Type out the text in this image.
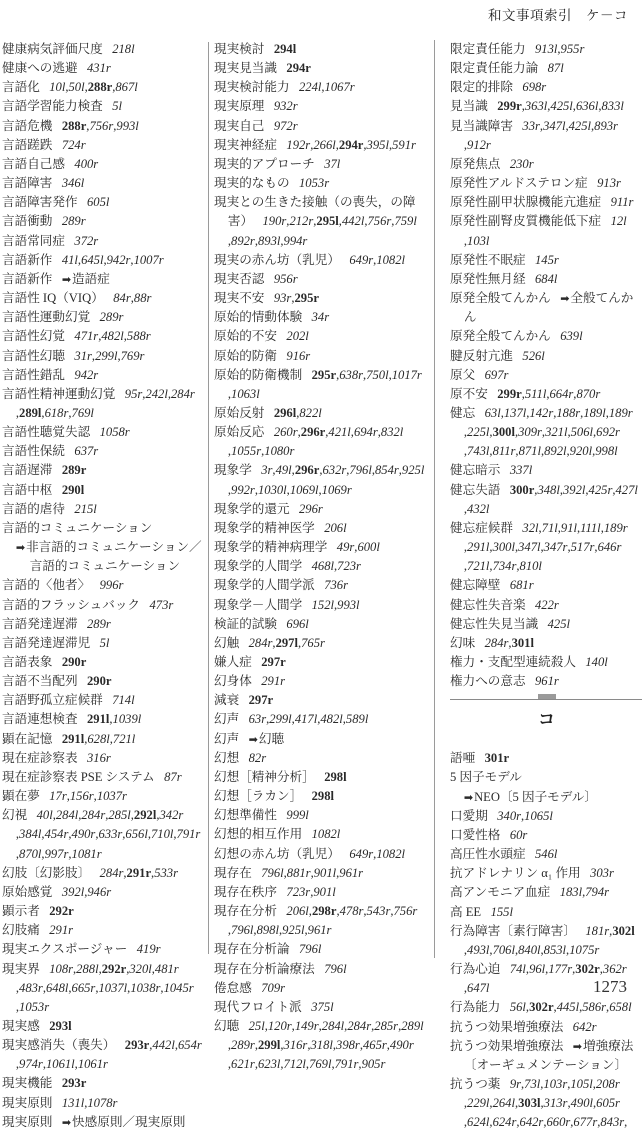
和文事項索引　ケ－コ
健康病気評価尺度 218l
健康への逃避 431r
言語化 10l , 50l , 288r , 867l
言語学習能力検査 5l
言語危機 288r , 756r , 993l
言語蹉跌 724r
言語自己感 400r
言語障害 346l
言語障害発作 605l
言語衝動 289r
言語常同症 372r
言語新作 41l , 645l , 942r , 1007r
言語新作 ➡造語症
言語性 IQ（VIQ） 84r , 88r
言語性運動幻覚 289r
言語性幻覚 471r , 482l , 588r
言語性幻聴 31r , 299l , 769r
言語性錯乱 942r
言語性精神運動幻覚 95r , 242l , 284r, 289l , 618r , 769l
言語性聴覚失認 1058r
言語性保続 637r
言語遅滞 289r
言語中枢 290l
言語的虐待 215l
言語的コミュニケーション
➡非言語的コミュニケーション／言語的コミュニケーション
言語的〈他者〉 996r
言語的フラッシュバック 473r
言語発達遅滞 289r
言語発達遅滞児 5l
言語表象 290r
言語不当配列 290r
言語野孤立症候群 714l
言語連想検査 291l , 1039l
顕在記憶 291l , 628l , 721l
現在症診察表 316r
現在症診察表 PSE システム 87r
顕在夢 17r , 156r , 1037r
幻視 40l , 284l , 284r , 285l , 292l , 342r, 384l , 454r , 490r , 633r , 656l , 710l , 791r, 870l , 997r , 1081r
幻肢〔幻影肢〕 284r , 291r , 533r
原始感覚 392l , 946r
顕示者 292r
幻肢痛 291r
現実エクスポージャー 419r
現実界 108r , 288l , 292r , 320l , 481r, 483r , 648l , 665r , 1037l , 1038r , 1045r, 1053r
現実感 293l
現実感消失（喪失） 293r , 442l , 654r, 974r , 1061l , 1061r
現実機能 293r
現実原則 131l , 1078r
現実原則 ➡快感原則／現実原則
現実検討 294l
現実見当識 294r
現実検討能力 224l , 1067r
現実原理 932r
現実自己 972r
現実神経症 192r , 266l , 294r , 395l , 591r
現実的アプローチ 37l
現実的なもの 1053r
現実との生きた接触（の喪失，の障害） 190r , 212r , 295l , 442l , 756r , 759l, 892r , 893l , 994r
現実の赤ん坊（乳児） 649r , 1082l
現実否認 956r
現実不安 93r , 295r
原始的情動体験 34r
原始的不安 202l
原始的防衛 916r
原始的防衛機制 295r , 638r , 750l , 1017r, 1063l
原始反射 296l , 822l
原始反応 260r , 296r , 421l , 694r , 832l, 1055r , 1080r
現象学 3r , 49l , 296r , 632r , 796l , 854r , 925l, 992r , 1030l , 1069l , 1069r
現象学的還元 296r
現象学的精神医学 206l
現象学的精神病理学 49r , 600l
現象学的人間学 468l , 723r
現象学的人間学派 736r
現象学－人間学 152l , 993l
検証的試験 696l
幻触 284r , 297l , 765r
嫌人症 297r
幻身体 291r
減衰 297r
幻声 63r , 299l , 417l , 482l , 589l
幻声 ➡幻聴
幻想 82r
幻想［精神分析］ 298l
幻想［ラカン］ 298l
幻想準備性 999l
幻想的相互作用 1082l
幻想の赤ん坊（乳児） 649r , 1082l
現存在 796l , 881r , 901l , 961r
現存在秩序 723r , 901l
現存在分析 206l , 298r , 478r , 543r , 756r, 796l , 898l , 925l , 961r
現存在分析論 796l
現存在分析論療法 796l
倦怠感 709r
現代フロイト派 375l
幻聴 25l , 120r , 149r , 284l , 284r , 285r , 289l, 289r , 299l , 316r , 318l , 398r , 465r , 490r, 621r , 623l , 712l , 769l , 791r , 905r
限定責任能力 913l , 955r
限定責任能力論 87l
限定的排除 698r
見当識 299r , 363l , 425l , 636l , 833l
見当識障害 33r , 347l , 425l , 893r, 912r
原発焦点 230r
原発性アルドステロン症 913r
原発性副甲状腺機能亢進症 911r
原発性副腎皮質機能低下症 12l, 103l
原発性不眠症 145r
原発性無月経 684l
原発全般てんかん ➡全般てんかん
原発全般てんかん 639l
腱反射亢進 526l
原父 697r
原不安 299r , 511l , 664r , 870r
健忘 63l , 137l , 142r , 188r , 189l , 189r, 225l , 300l , 309r , 321l , 506l , 692r, 743l , 811r , 871l , 892l , 920l , 998l
健忘暗示 337l
健忘失語 300r , 348l , 392l , 425r , 427l, 432l
健忘症候群 32l , 71l , 91l , 111l , 189r, 291l , 300l , 347l , 347r , 517r , 646r, 721l , 734r , 810l
健忘障壁 681r
健忘性失音楽 422r
健忘性失見当識 425l
幻味 284r , 301l
権力・支配型連続殺人 140l
権力への意志 961r
コ
語唖 301r
5 因子モデル
➡NEO〔5 因子モデル〕
口愛期 340r , 1065l
口愛性格 60r
高圧性水頭症 546l
抗アドレナリン α₁ 作用 303r
高アンモニア血症 183l , 794r
高 EE 155l
行為障害〔素行障害〕 181r , 302l, 493l , 706l , 840l , 853l , 1075r
行為心迫 74l , 96l , 177r , 302r , 362r, 647l
行為能力 56l , 302r , 445l , 586r , 658l
抗うつ効果増強療法 642r
抗うつ効果増強療法 ➡増強療法〔オーギュメンテーション〕
抗うつ薬 9r , 73l , 103r , 105l , 208r, 229l , 264l , 303l , 313r , 490l , 605r, 624l , 624r , 642r , 660r , 677r , 843r ,
1273
